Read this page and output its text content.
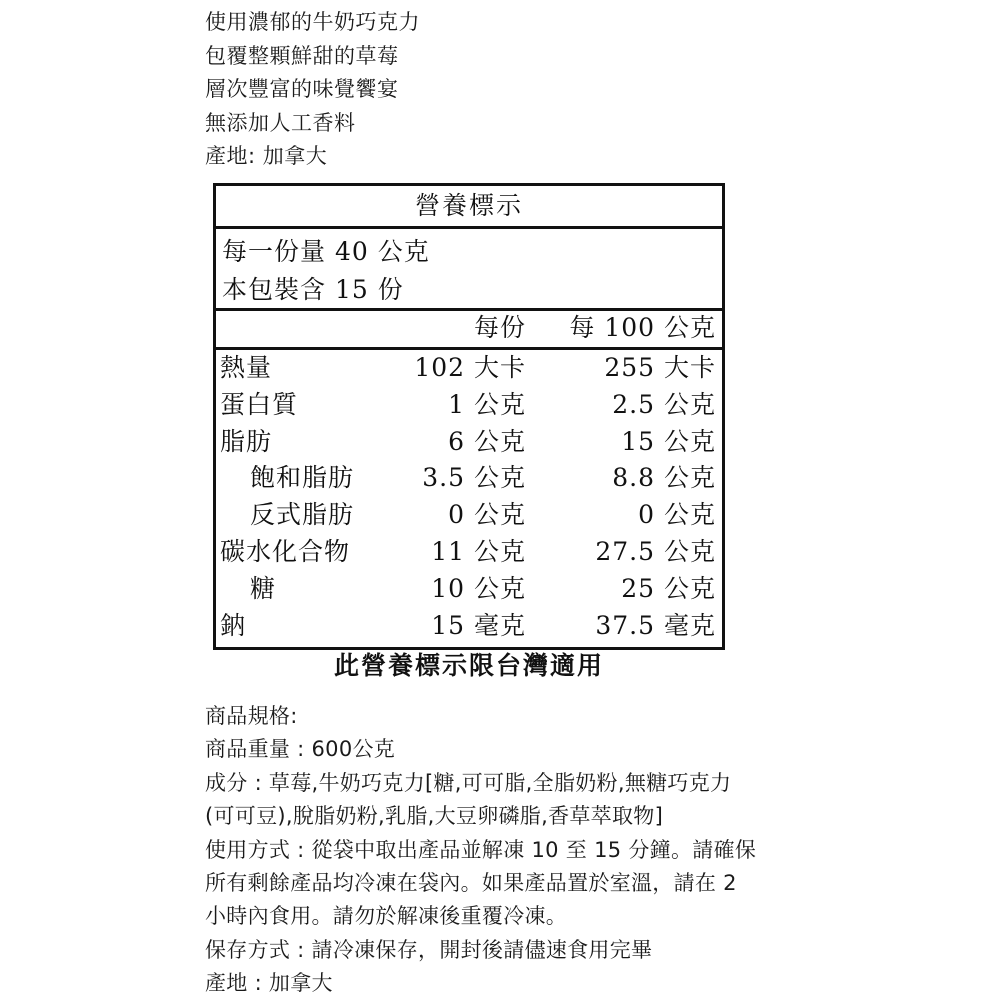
使用濃郁的牛奶巧克力
包覆整顆鮮甜的草莓
層次豐富的味覺饗宴
無添加人工香料
產地: 加拿大
營養標示
每一份量 40 公克
本包裝含 15 份
每份 每 100 公克
熱量	102 大卡	255 大卡
蛋白質	1 公克	2.5 公克
脂肪	6 公克	15 公克
飽和脂肪	3.5 公克	8.8 公克
反式脂肪	0 公克	0 公克
碳水化合物	11 公克	27.5 公克
糖	10 公克	25 公克
鈉	15 毫克	37.5 毫克
此營養標示限台灣適用
商品規格:
商品重量 : 600公克
成分 : 草莓,牛奶巧克力[糖,可可脂,全脂奶粉,無糖巧克力
(可可豆),脫脂奶粉,乳脂,大豆卵磷脂,香草萃取物]
使用方式 : 從袋中取出產品並解凍 10 至 15 分鐘。請確保
所有剩餘產品均冷凍在袋內。如果產品置於室溫，請在 2
小時內食用。請勿於解凍後重覆冷凍。
保存方式 : 請冷凍保存，開封後請儘速食用完畢
產地 : 加拿大
